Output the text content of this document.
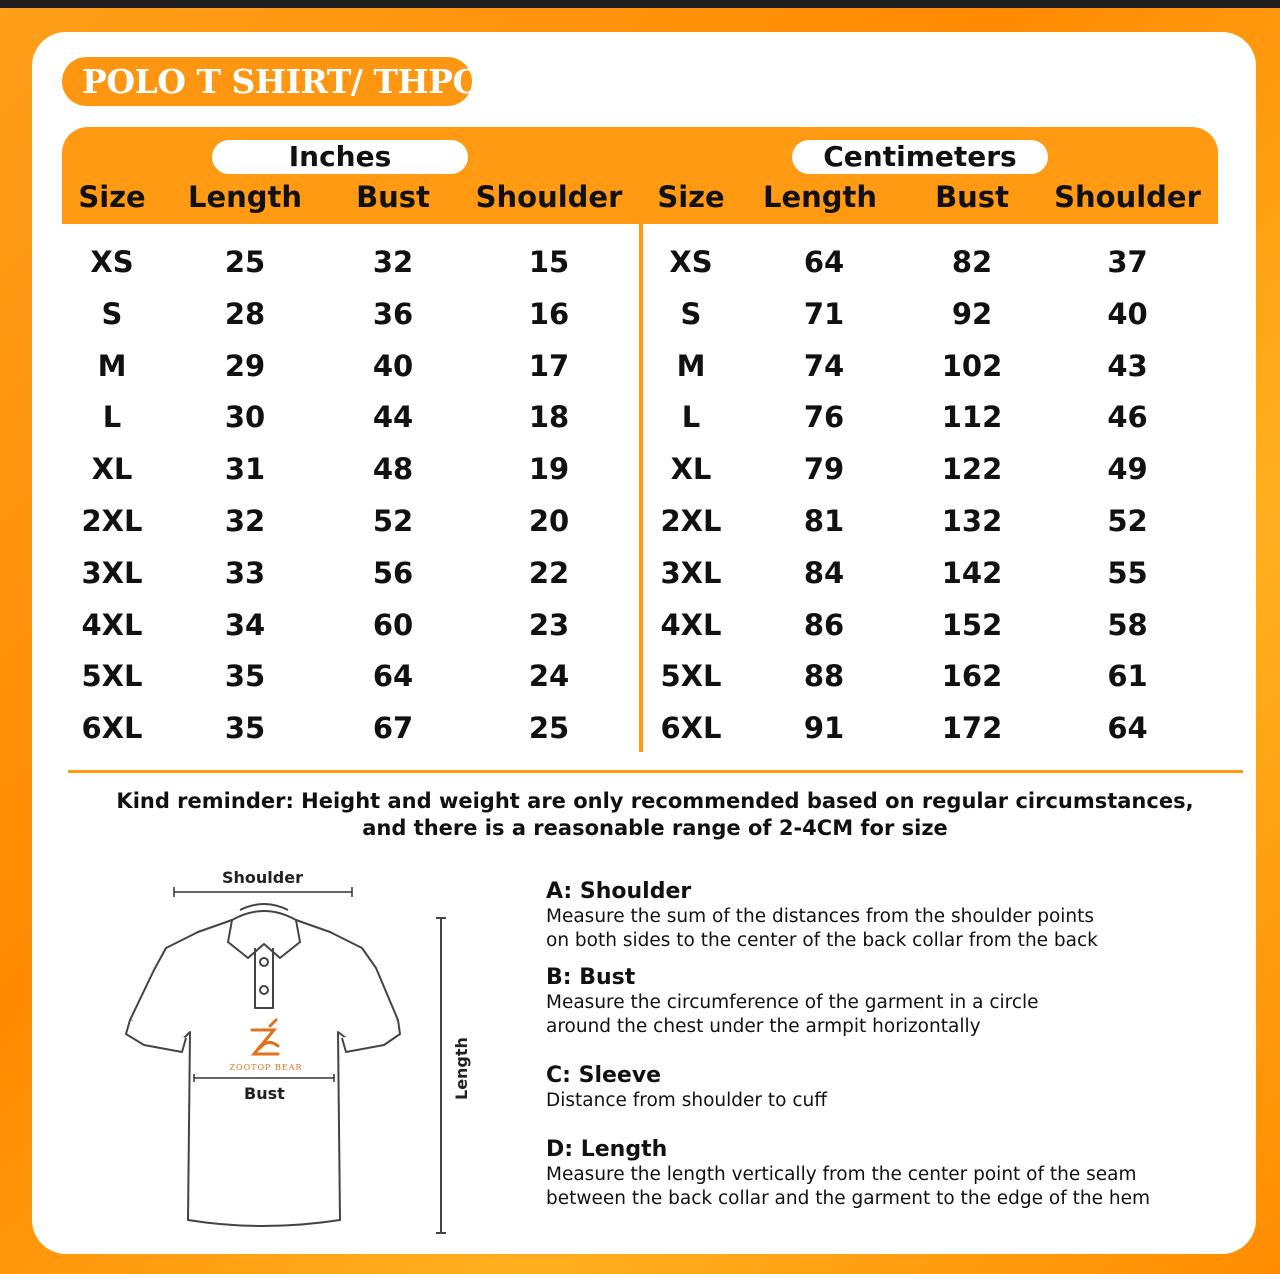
POLO T SHIRT/ THPO
Inches	Centimeters
Size	Length	Bust	Shoulder	Size	Length	Bust	Shoulder
XS	25	32	15	XS	64	82	37
S	28	36	16	S	71	92	40
M	29	40	17	M	74	102	43
L	30	44	18	L	76	112	46
XL	31	48	19	XL	79	122	49
2XL	32	52	20	2XL	81	132	52
3XL	33	56	22	3XL	84	142	55
4XL	34	60	23	4XL	86	152	58
5XL	35	64	24	5XL	88	162	61
6XL	35	67	25	6XL	91	172	64
Kind reminder: Height and weight are only recommended based on regular circumstances,
and there is a reasonable range of 2-4CM for size
Shoulder
Bust	Length
ZOOTOP BEAR
A: Shoulder
Measure the sum of the distances from the shoulder points
on both sides to the center of the back collar from the back
B: Bust
Measure the circumference of the garment in a circle
around the chest under the armpit horizontally
C: Sleeve
Distance from shoulder to cuff
D: Length
Measure the length vertically from the center point of the seam
between the back collar and the garment to the edge of the hem
